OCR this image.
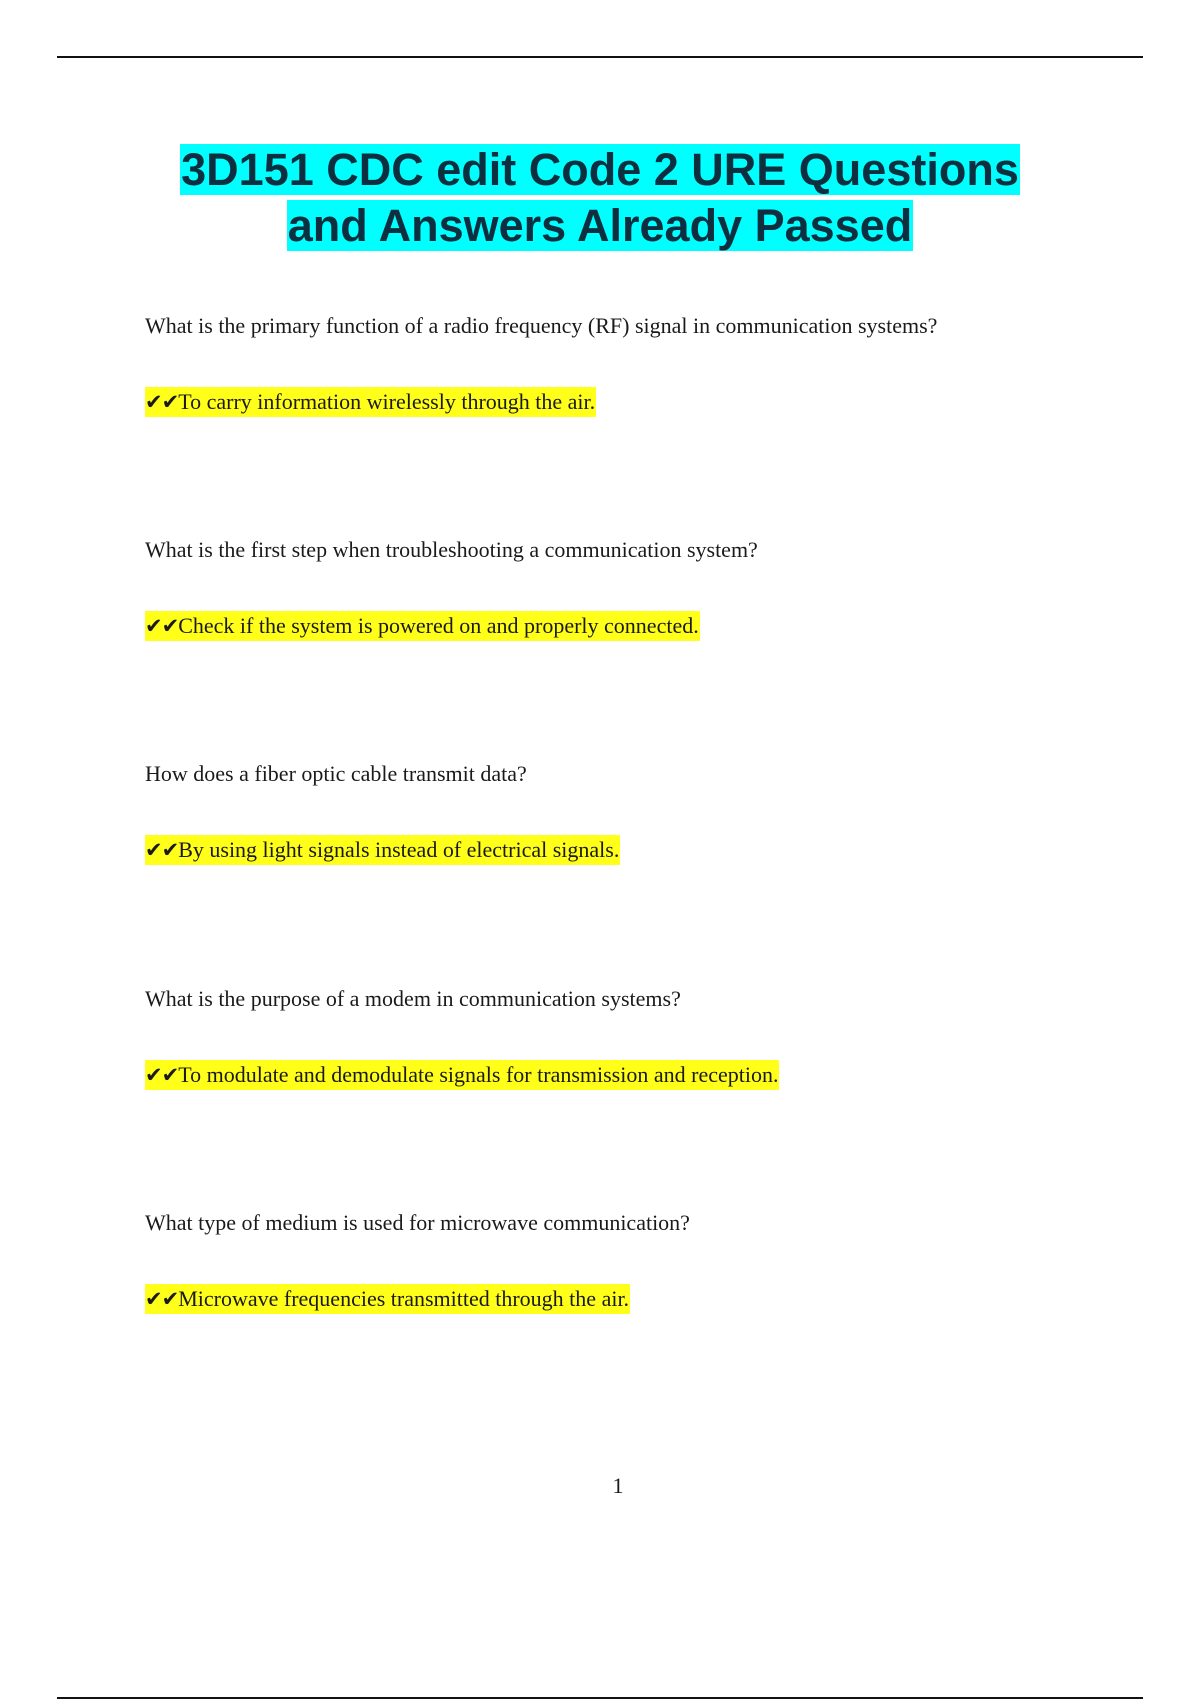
3D151 CDC edit Code 2 URE Questions
and Answers Already Passed

What is the primary function of a radio frequency (RF) signal in communication systems?

✔✔To carry information wirelessly through the air.

What is the first step when troubleshooting a communication system?

✔✔Check if the system is powered on and properly connected.

How does a fiber optic cable transmit data?

✔✔By using light signals instead of electrical signals.

What is the purpose of a modem in communication systems?

✔✔To modulate and demodulate signals for transmission and reception.

What type of medium is used for microwave communication?

✔✔Microwave frequencies transmitted through the air.

1
